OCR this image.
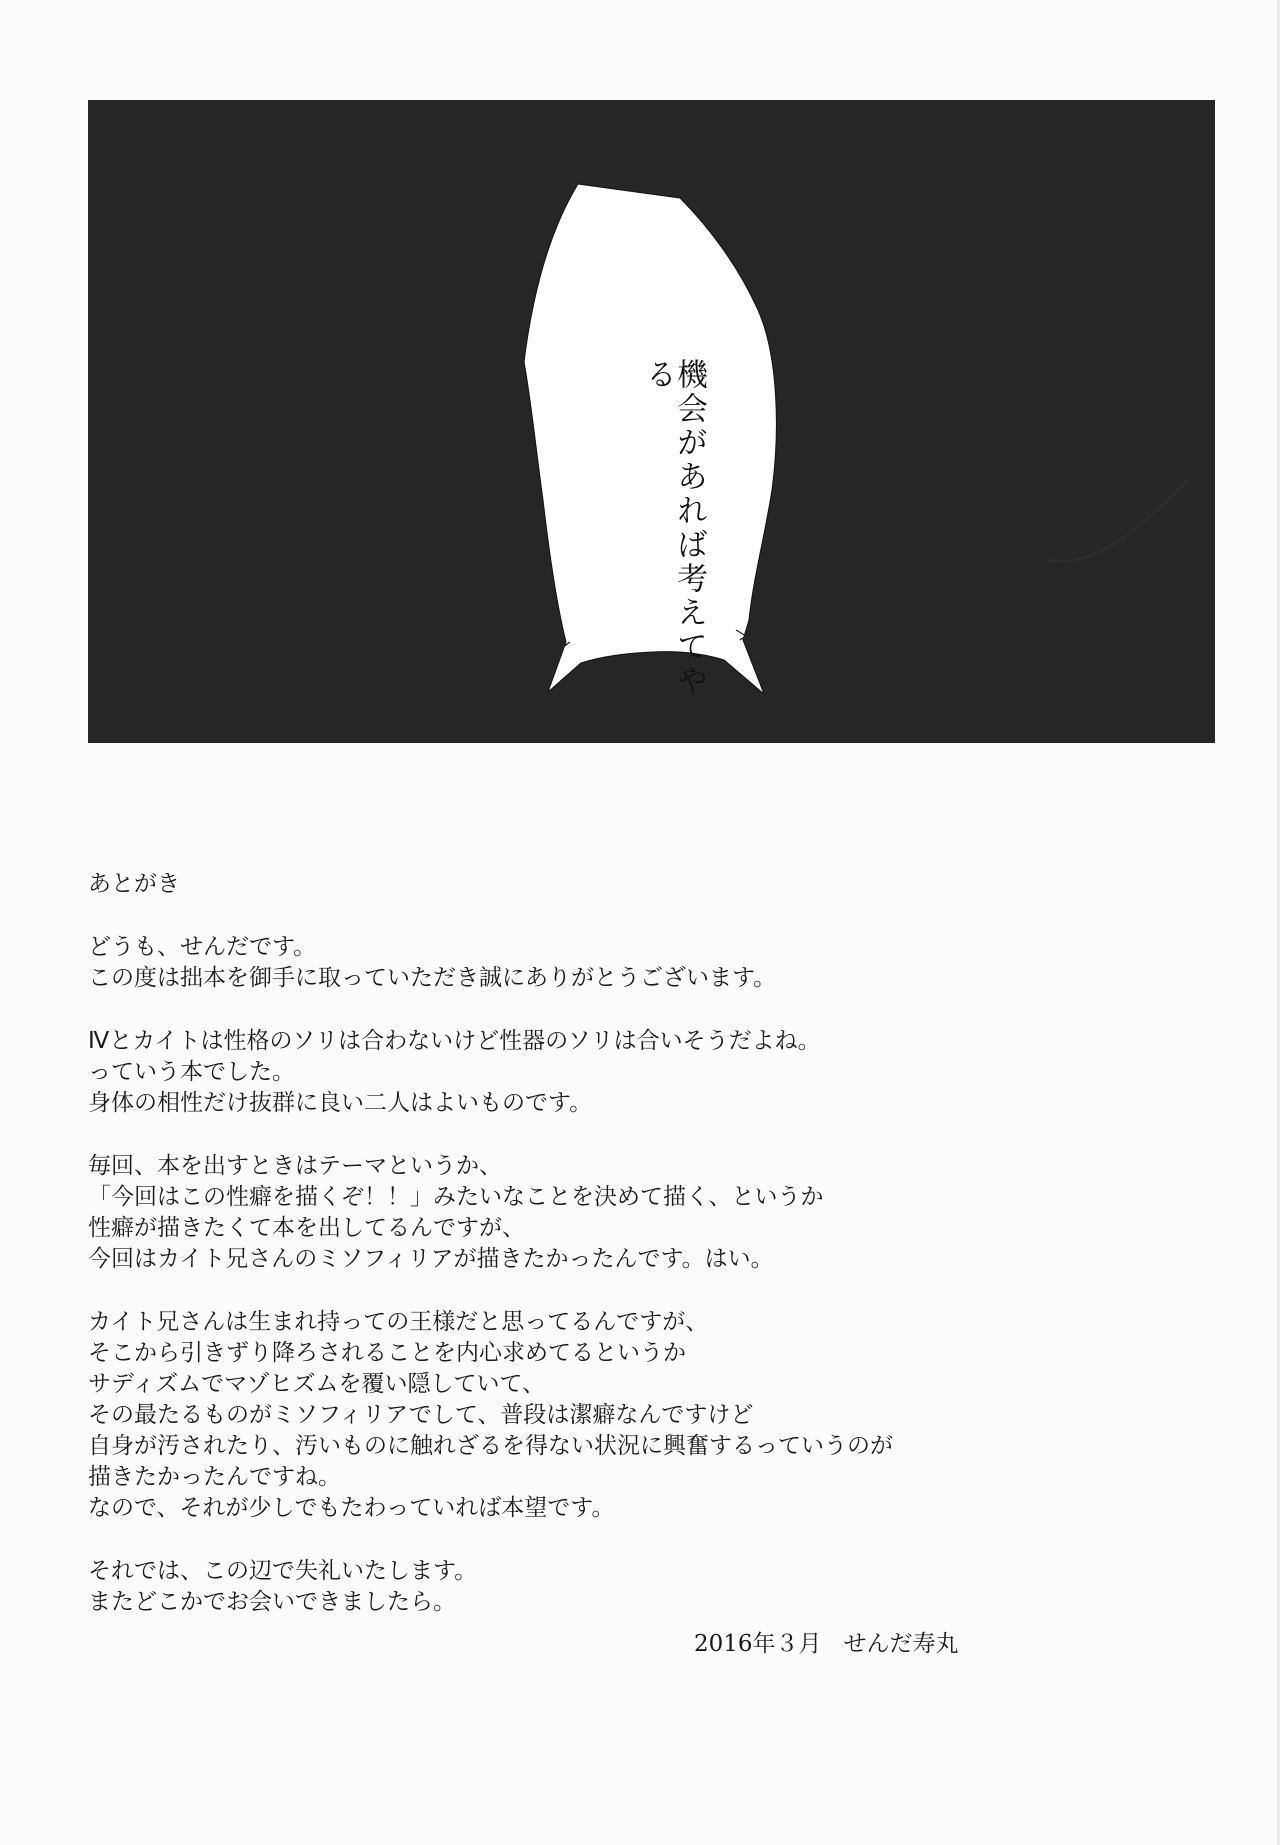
機会があれば考えてやる
あとがき
どうも、せんだです。
この度は拙本を御手に取っていただき誠にありがとうございます。
Ⅳとカイトは性格のソリは合わないけど性器のソリは合いそうだよね。
っていう本でした。
身体の相性だけ抜群に良い二人はよいものです。
毎回、本を出すときはテーマというか、
「今回はこの性癖を描くぞ！！」みたいなことを決めて描く、というか
性癖が描きたくて本を出してるんですが、
今回はカイト兄さんのミソフィリアが描きたかったんです。はい。
カイト兄さんは生まれ持っての王様だと思ってるんですが、
そこから引きずり降ろされることを内心求めてるというか
サディズムでマゾヒズムを覆い隠していて、
その最たるものがミソフィリアでして、普段は潔癖なんですけど
自身が汚されたり、汚いものに触れざるを得ない状況に興奮するっていうのが
描きたかったんですね。
なので、それが少しでもたわっていれば本望です。
それでは、この辺で失礼いたします。
またどこかでお会いできましたら。
2016年３月 せんだ寿丸
